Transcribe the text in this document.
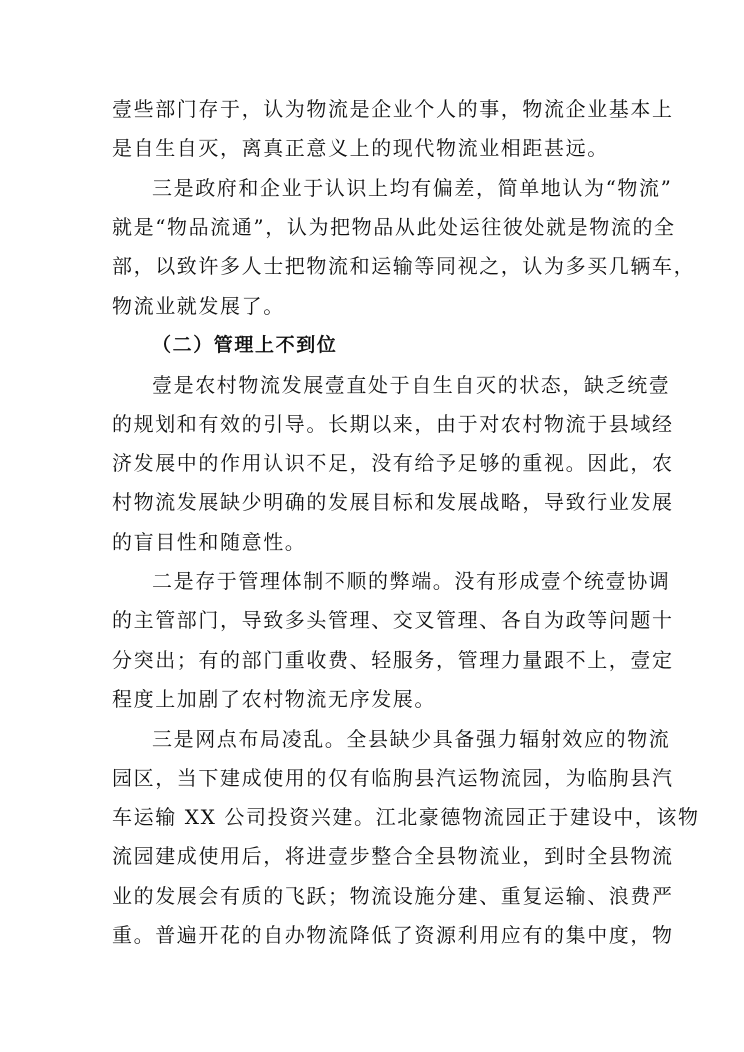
壹些部门存于，认为物流是企业个人的事，物流企业基本上
是自生自灭，离真正意义上的现代物流业相距甚远。
三是政府和企业于认识上均有偏差，简单地认为“物流”
就是“物品流通”，认为把物品从此处运往彼处就是物流的全
部，以致许多人士把物流和运输等同视之，认为多买几辆车，
物流业就发展了。
（二）管理上不到位
壹是农村物流发展壹直处于自生自灭的状态，缺乏统壹
的规划和有效的引导。长期以来，由于对农村物流于县域经
济发展中的作用认识不足，没有给予足够的重视。因此，农
村物流发展缺少明确的发展目标和发展战略，导致行业发展
的盲目性和随意性。
二是存于管理体制不顺的弊端。没有形成壹个统壹协调
的主管部门，导致多头管理、交叉管理、各自为政等问题十
分突出；有的部门重收费、轻服务，管理力量跟不上，壹定
程度上加剧了农村物流无序发展。
三是网点布局凌乱。全县缺少具备强力辐射效应的物流
园区，当下建成使用的仅有临朐县汽运物流园，为临朐县汽
车运输 XX 公司投资兴建。江北豪德物流园正于建设中，该物
流园建成使用后，将进壹步整合全县物流业，到时全县物流
业的发展会有质的飞跃；物流设施分建、重复运输、浪费严
重。普遍开花的自办物流降低了资源利用应有的集中度，物
